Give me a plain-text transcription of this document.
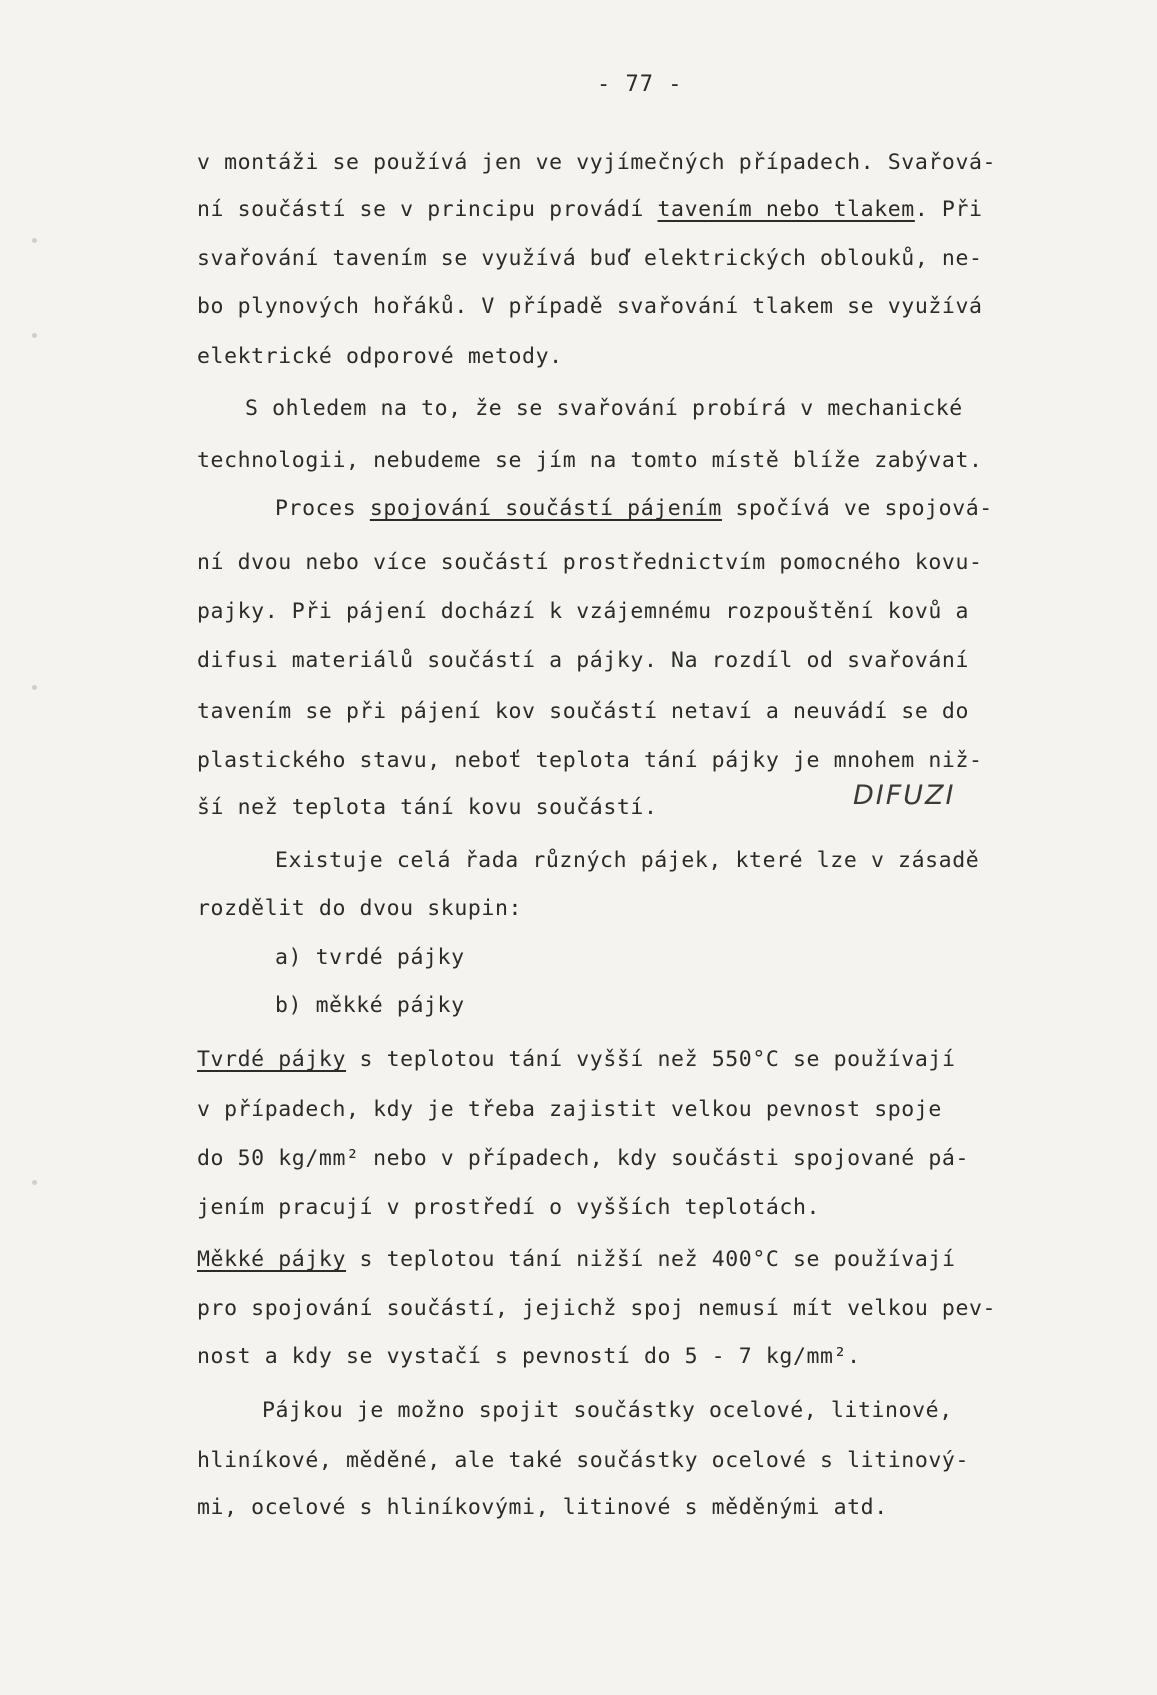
- 77 -
v montáži se používá jen ve vyjímečných případech. Svařová-
ní součástí se v principu provádí tavením nebo tlakem. Při
svařování tavením se využívá buď elektrických oblouků, ne-
bo plynových hořáků. V případě svařování tlakem se využívá
elektrické odporové metody.
S ohledem na to, že se svařování probírá v mechanické
technologii, nebudeme se jím na tomto místě blíže zabývat.
Proces spojování součástí pájením spočívá ve spojová-
ní dvou nebo více součástí prostřednictvím pomocného kovu-
pajky. Při pájení dochází k vzájemnému rozpouštění kovů a
difusi materiálů součástí a pájky. Na rozdíl od svařování
tavením se při pájení kov součástí netaví a neuvádí se do
plastického stavu, neboť teplota tání pájky je mnohem niž-
ší než teplota tání kovu součástí.
Existuje celá řada různých pájek, které lze v zásadě
rozdělit do dvou skupin:
a) tvrdé pájky
b) měkké pájky
Tvrdé pájky s teplotou tání vyšší než 550°C se používají
v případech, kdy je třeba zajistit velkou pevnost spoje
do 50 kg/mm² nebo v případech, kdy součásti spojované pá-
jením pracují v prostředí o vyšších teplotách.
Měkké pájky s teplotou tání nižší než 400°C se používají
pro spojování součástí, jejichž spoj nemusí mít velkou pev-
nost a kdy se vystačí s pevností do 5 - 7 kg/mm².
Pájkou je možno spojit součástky ocelové, litinové,
hliníkové, měděné, ale také součástky ocelové s litinový-
mi, ocelové s hliníkovými, litinové s měděnými atd.
DIFUZI
